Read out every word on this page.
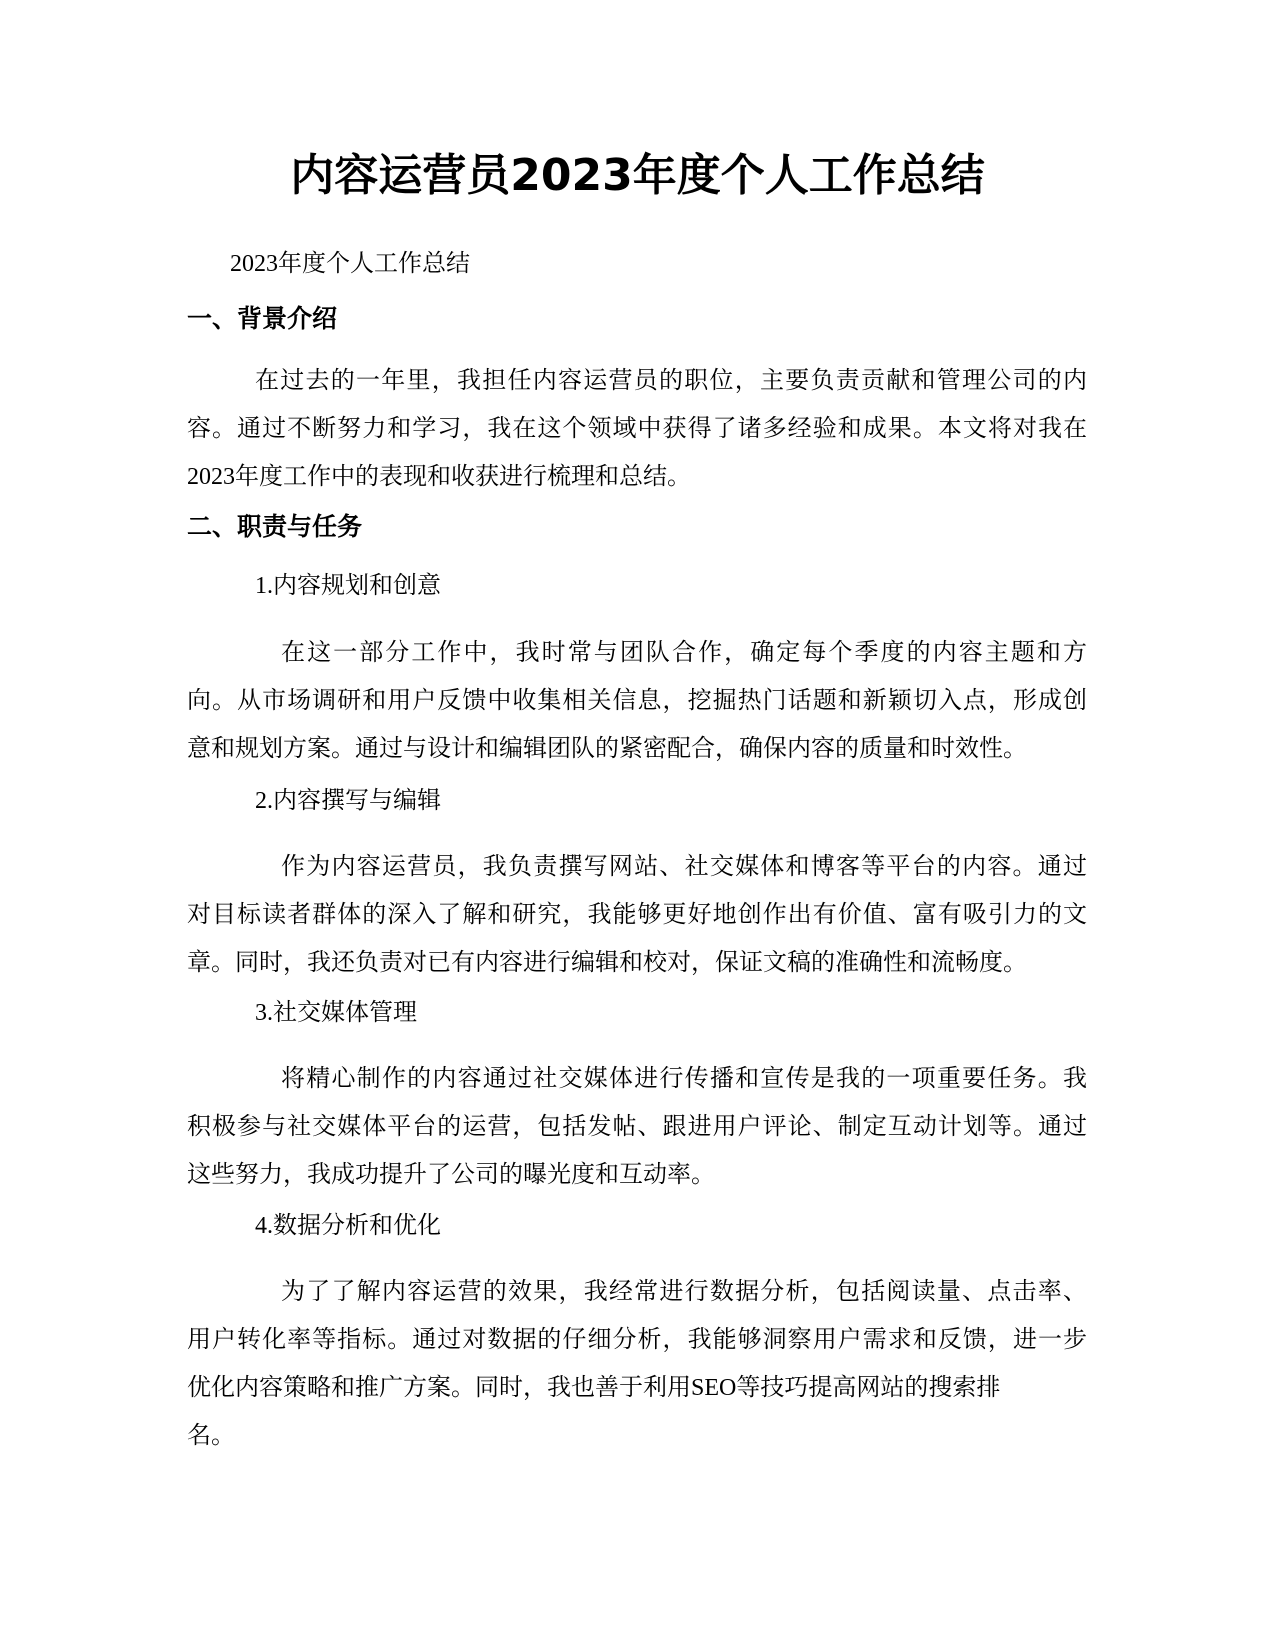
内容运营员2023年度个人工作总结

2023年度个人工作总结

一、背景介绍
在过去的一年里，我担任内容运营员的职位，主要负责贡献和管理公司的内
容。通过不断努力和学习，我在这个领域中获得了诸多经验和成果。本文将对我在
2023年度工作中的表现和收获进行梳理和总结。
二、职责与任务

1.内容规划和创意

在这一部分工作中，我时常与团队合作，确定每个季度的内容主题和方
向。从市场调研和用户反馈中收集相关信息，挖掘热门话题和新颖切入点，形成创
意和规划方案。通过与设计和编辑团队的紧密配合，确保内容的质量和时效性。

2.内容撰写与编辑

作为内容运营员，我负责撰写网站、社交媒体和博客等平台的内容。通过
对目标读者群体的深入了解和研究，我能够更好地创作出有价值、富有吸引力的文
章。同时，我还负责对已有内容进行编辑和校对，保证文稿的准确性和流畅度。

3.社交媒体管理

将精心制作的内容通过社交媒体进行传播和宣传是我的一项重要任务。我
积极参与社交媒体平台的运营，包括发帖、跟进用户评论、制定互动计划等。通过
这些努力，我成功提升了公司的曝光度和互动率。

4.数据分析和优化

为了了解内容运营的效果，我经常进行数据分析，包括阅读量、点击率、
用户转化率等指标。通过对数据的仔细分析，我能够洞察用户需求和反馈，进一步
优化内容策略和推广方案。同时，我也善于利用SEO等技巧提高网站的搜索排
名。
